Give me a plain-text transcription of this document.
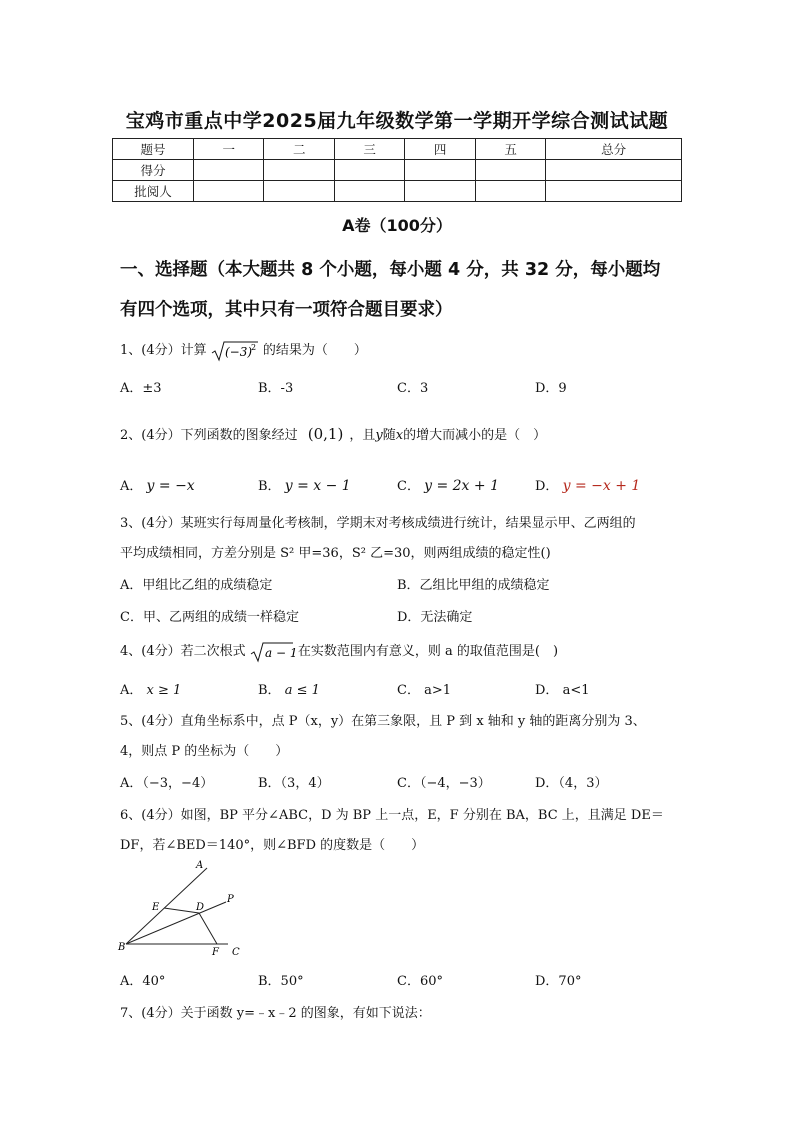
宝鸡市重点中学2025届九年级数学第一学期开学综合测试试题
题号	一	二	三	四	五	总分
得分						
批阅人						
A卷（100分）
一、选择题（本大题共 8 个小题，每小题 4 分，共 32 分，每小题均
有四个选项，其中只有一项符合题目要求）
1、(4分）计算 (−3)
2 的结果为（　　）
A．±3	B．-3	C．3	D．9
2、(4分）下列函数的图象经过 (0,1) ，且y随x的增大而减小的是（　）
A． y = −x	B． y = x − 1	C． y = 2x + 1	D． y = −x + 1
3、(4分）某班实行每周量化考核制，学期末对考核成绩进行统计，结果显示甲、乙两组的
平均成绩相同，方差分别是 S² 甲=36，S² 乙=30，则两组成绩的稳定性()
A．甲组比乙组的成绩稳定	B．乙组比甲组的成绩稳定
C．甲、乙两组的成绩一样稳定	D．无法确定
4、(4分）若二次根式 a − 1 在实数范围内有意义，则 a 的取值范围是(　)
A． x ≥ 1	B． a ≤ 1	C． a>1	D． a<1
5、(4分）直角坐标系中，点 P（x，y）在第三象限，且 P 到 x 轴和 y 轴的距离分别为 3、
4，则点 P 的坐标为（　　）
A．（−3，−4）	B．（3，4）	C．（−4，−3）	D．（4，3）
6、(4分）如图，BP 平分∠ABC，D 为 BP 上一点，E，F 分别在 BA，BC 上，且满足 DE＝
DF，若∠BED＝140°，则∠BFD 的度数是（　　）
A
E	D
P
B	F C
A．40°	B．50°	C．60°	D．70°
7、(4分）关于函数 y=﹣x﹣2 的图象，有如下说法：
